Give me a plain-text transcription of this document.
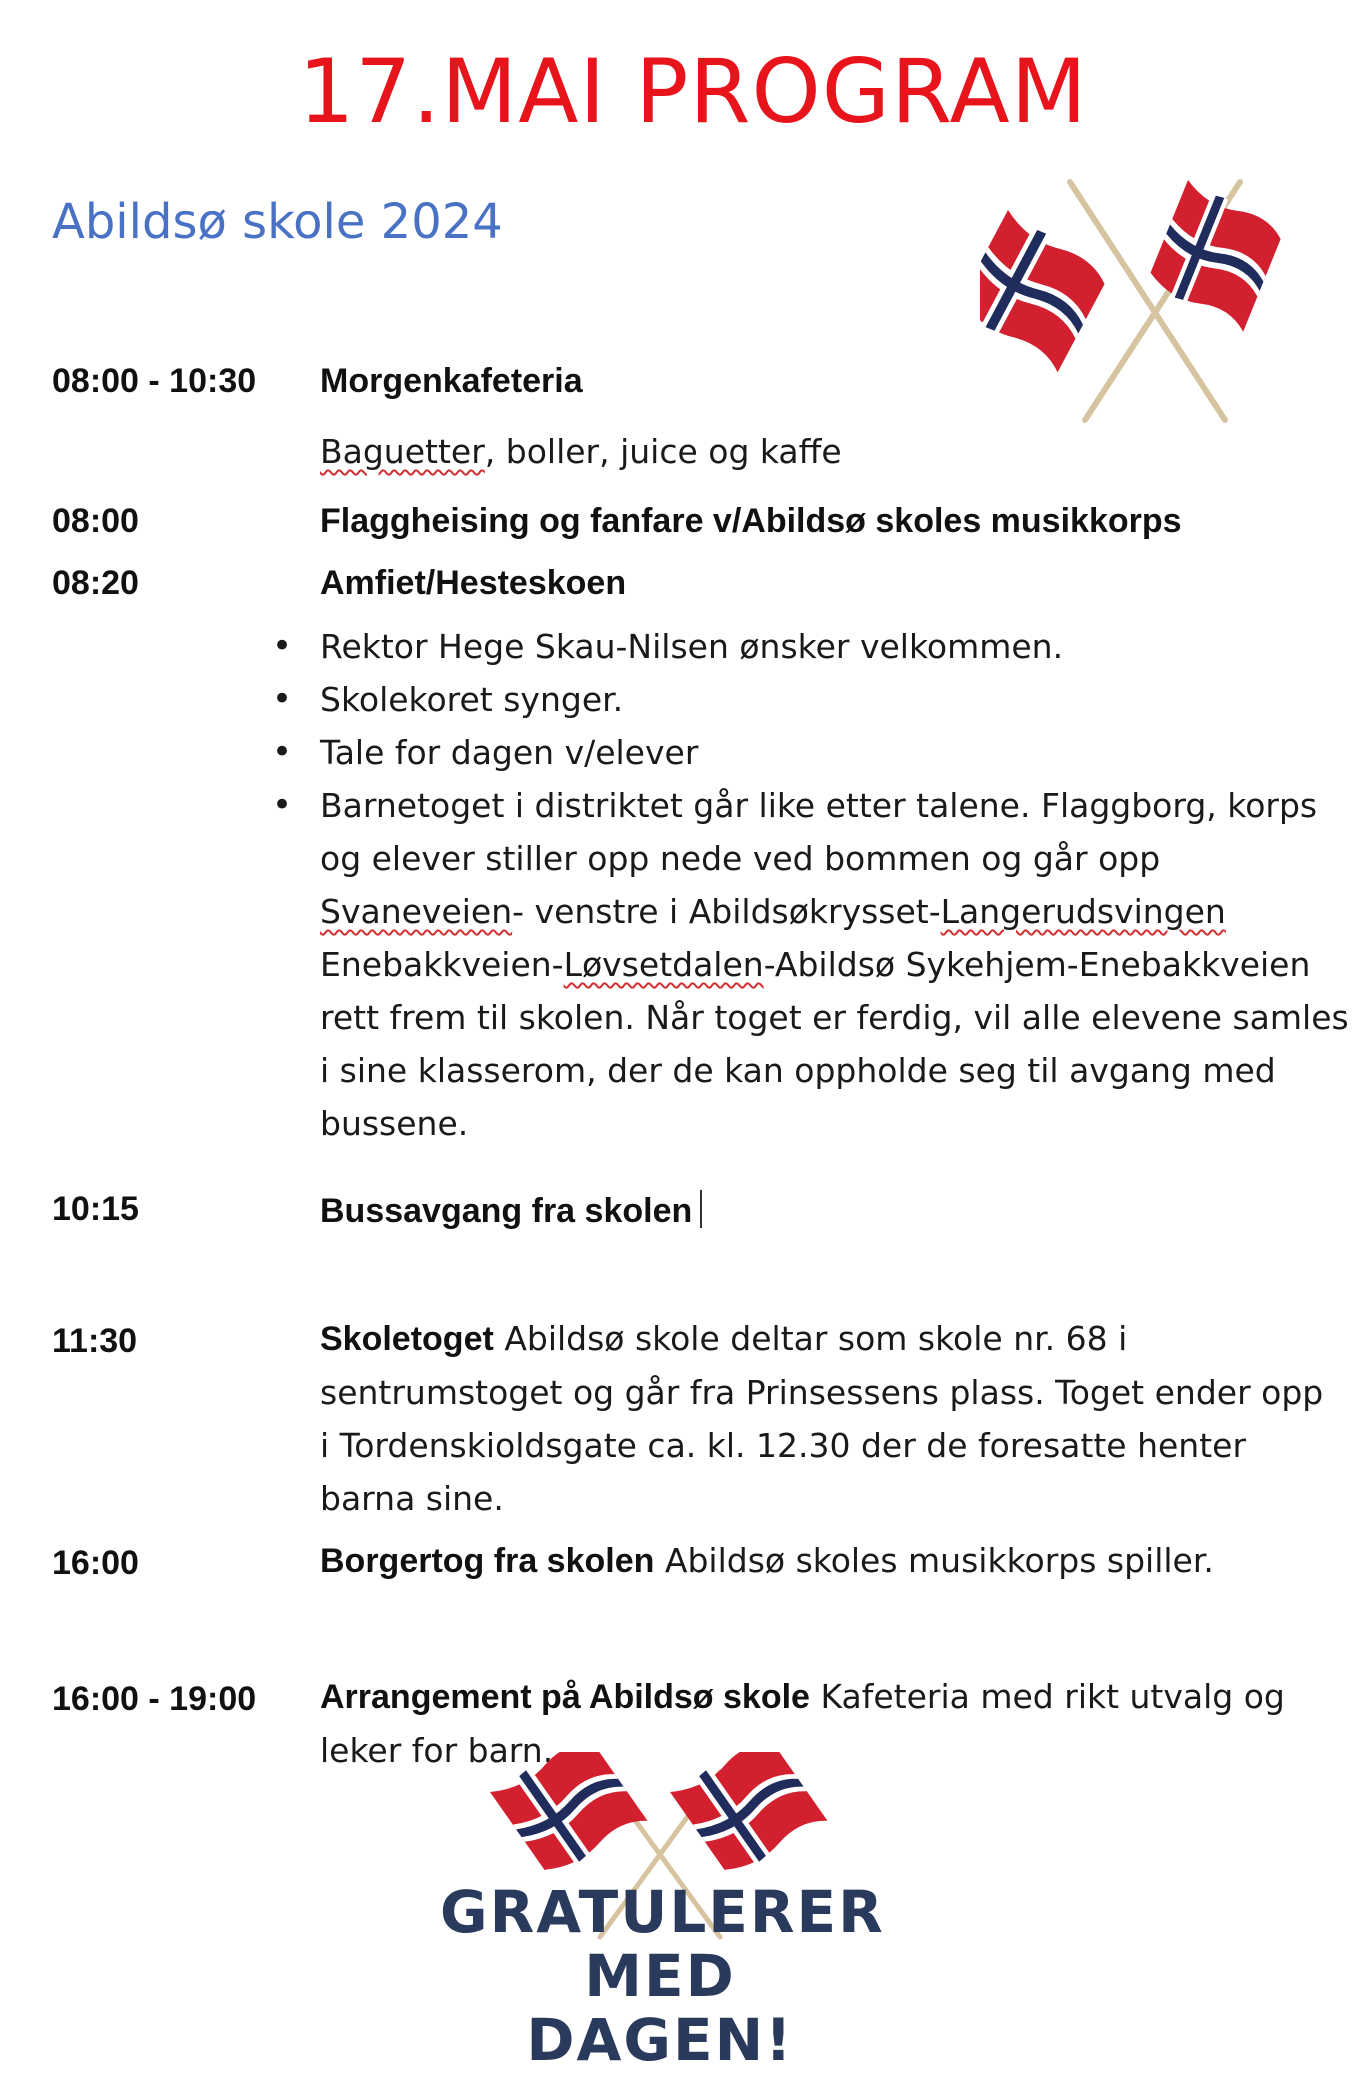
17.MAI PROGRAM
Abildsø skole 2024
08:00 - 10:30 Morgenkafeteria
Baguetter, boller, juice og kaffe
08:00	Flaggheising og fanfare v/Abildsø skoles musikkorps
08:20	Amfiet/Hesteskoen
• Rektor Hege Skau-Nilsen ønsker velkommen.
• Skolekoret synger.
• Tale for dagen v/elever
• Barnetoget i distriktet går like etter talene. Flaggborg, korps og elever stiller opp nede ved bommen og går opp Svaneveien- venstre i Abildsøkrysset-Langerudsvingen Enebakkveien-Løvsetdalen-Abildsø Sykehjem-Enebakkveien rett frem til skolen. Når toget er ferdig, vil alle elevene samles i sine klasserom, der de kan oppholde seg til avgang med bussene.
10:15	Bussavgang fra skolen
11:30	Skoletoget Abildsø skole deltar som skole nr. 68 i sentrumstoget og går fra Prinsessens plass. Toget ender opp i Tordenskioldsgate ca. kl. 12.30 der de foresatte henter barna sine.
16:00	Borgertog fra skolen Abildsø skoles musikkorps spiller.
16:00 - 19:00 Arrangement på Abildsø skole Kafeteria med rikt utvalg og leker for barn.
GRATULERER
MED DAGEN!
